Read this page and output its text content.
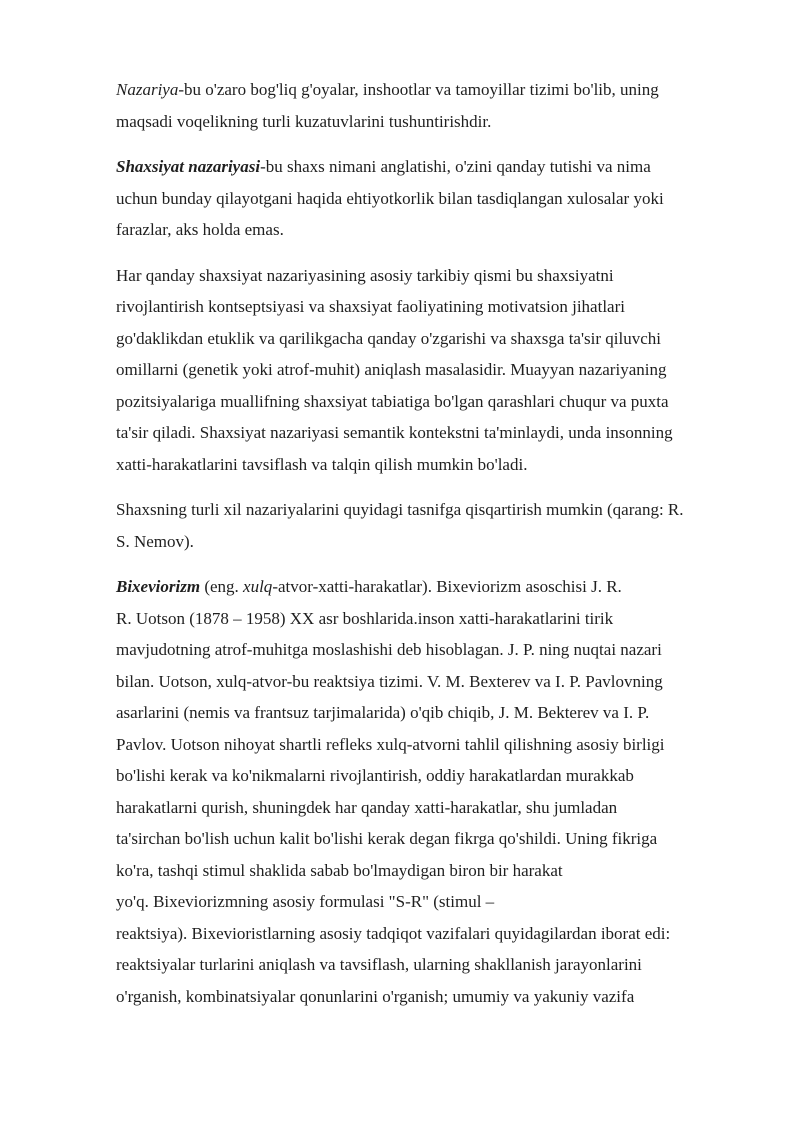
Nazariya-bu o'zaro bog'liq g'oyalar, inshootlar va tamoyillar tizimi bo'lib, uning
maqsadi voqelikning turli kuzatuvlarini tushuntirishdir.

Shaxsiyat nazariyasi-bu shaxs nimani anglatishi, o'zini qanday tutishi va nima
uchun bunday qilayotgani haqida ehtiyotkorlik bilan tasdiqlangan xulosalar yoki
farazlar, aks holda emas.

Har qanday shaxsiyat nazariyasining asosiy tarkibiy qismi bu shaxsiyatni
rivojlantirish kontseptsiyasi va shaxsiyat faoliyatining motivatsion jihatlari
go'daklikdan etuklik va qarilikgacha qanday o'zgarishi va shaxsga ta'sir qiluvchi
omillarni (genetik yoki atrof-muhit) aniqlash masalasidir. Muayyan nazariyaning
pozitsiyalariga muallifning shaxsiyat tabiatiga bo'lgan qarashlari chuqur va puxta
ta'sir qiladi. Shaxsiyat nazariyasi semantik kontekstni ta'minlaydi, unda insonning
xatti-harakatlarini tavsiflash va talqin qilish mumkin bo'ladi.

Shaxsning turli xil nazariyalarini quyidagi tasnifga qisqartirish mumkin (qarang: R.
S. Nemov).

Bixeviorizm (eng. xulq-atvor-xatti-harakatlar). Bixeviorizm asoschisi J. R.
R. Uotson (1878 – 1958) XX asr boshlarida.inson xatti-harakatlarini tirik
mavjudotning atrof-muhitga moslashishi deb hisoblagan. J. P. ning nuqtai nazari
bilan. Uotson, xulq-atvor-bu reaktsiya tizimi. V. M. Bexterev va I. P. Pavlovning
asarlarini (nemis va frantsuz tarjimalarida) o'qib chiqib, J. M. Bekterev va I. P.
Pavlov. Uotson nihoyat shartli refleks xulq-atvorni tahlil qilishning asosiy birligi
bo'lishi kerak va ko'nikmalarni rivojlantirish, oddiy harakatlardan murakkab
harakatlarni qurish, shuningdek har qanday xatti-harakatlar, shu jumladan
ta'sirchan bo'lish uchun kalit bo'lishi kerak degan fikrga qo'shildi. Uning fikriga
ko'ra, tashqi stimul shaklida sabab bo'lmaydigan biron bir harakat
yo'q. Bixeviorizmning asosiy formulasi "S-R" (stimul –
reaktsiya). Bixevioristlarning asosiy tadqiqot vazifalari quyidagilardan iborat edi:
reaktsiyalar turlarini aniqlash va tavsiflash, ularning shakllanish jarayonlarini
o'rganish, kombinatsiyalar qonunlarini o'rganish; umumiy va yakuniy vazifa
